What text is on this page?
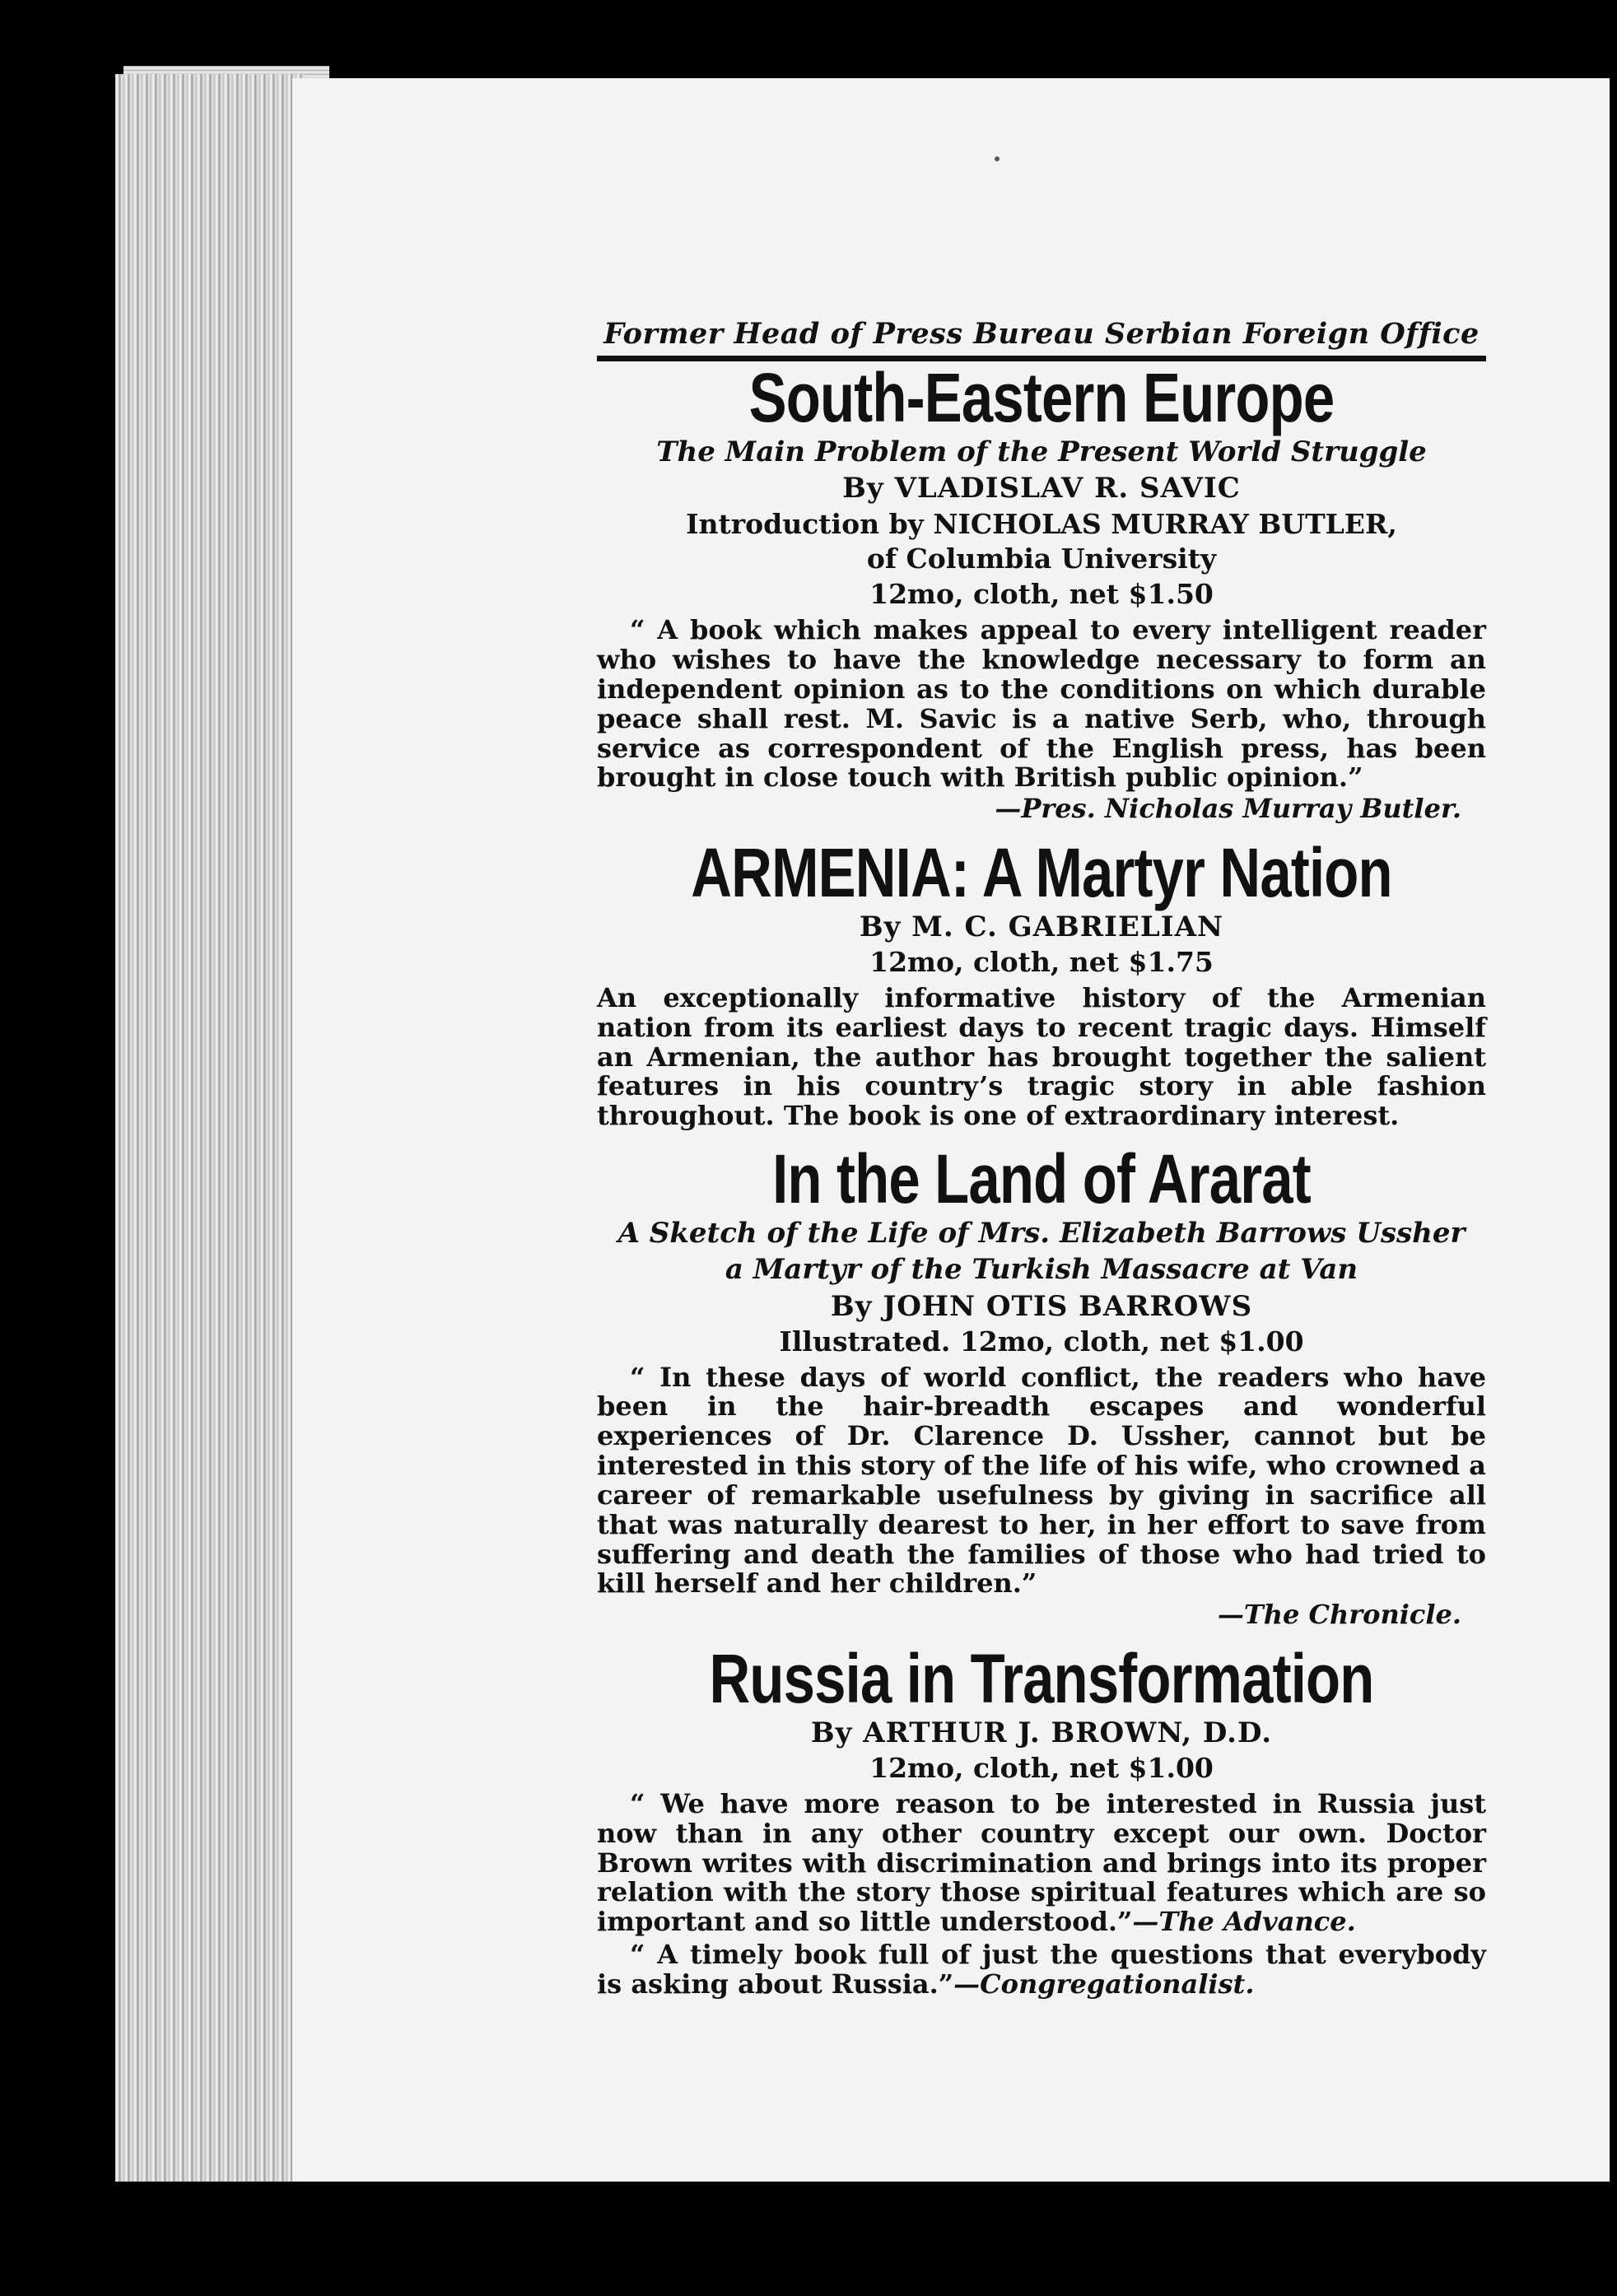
Former Head of Press Bureau Serbian Foreign Office
South-Eastern Europe
The Main Problem of the Present World Struggle
By VLADISLAV R. SAVIC
Introduction by NICHOLAS MURRAY BUTLER,
of Columbia University
12mo, cloth, net $1.50

“ A book which makes appeal to every intelligent reader who wishes to have the knowledge necessary to form an independent opinion as to the conditions on which durable peace shall rest. M. Savic is a native Serb, who, through service as correspondent of the English press, has been brought in close touch with British public opinion.”

—Pres. Nicholas Murray Butler.
ARMENIA: A Martyr Nation
By M. C. GABRIELIAN
12mo, cloth, net $1.75

An exceptionally informative history of the Armenian nation from its earliest days to recent tragic days. Himself an Armenian, the author has brought together the salient features in his country’s tragic story in able fashion throughout. The book is one of extraordinary interest.

In the Land of Ararat
A Sketch of the Life of Mrs. Elizabeth Barrows Ussher
a Martyr of the Turkish Massacre at Van
By JOHN OTIS BARROWS
Illustrated. 12mo, cloth, net $1.00

“ In these days of world conflict, the readers who have been in the hair-breadth escapes and wonderful experiences of Dr. Clarence D. Ussher, cannot but be interested in this story of the life of his wife, who crowned a career of remarkable usefulness by giving in sacrifice all that was naturally dearest to her, in her effort to save from suffering and death the families of those who had tried to kill herself and her children.”

—The Chronicle.
Russia in Transformation
By ARTHUR J. BROWN, D.D.
12mo, cloth, net $1.00

“ We have more reason to be interested in Russia just now than in any other country except our own. Doctor Brown writes with discrimination and brings into its proper relation with the story those spiritual features which are so important and so little understood.”—The Advance.

“ A timely book full of just the questions that everybody is asking about Russia.”—Congregationalist.
